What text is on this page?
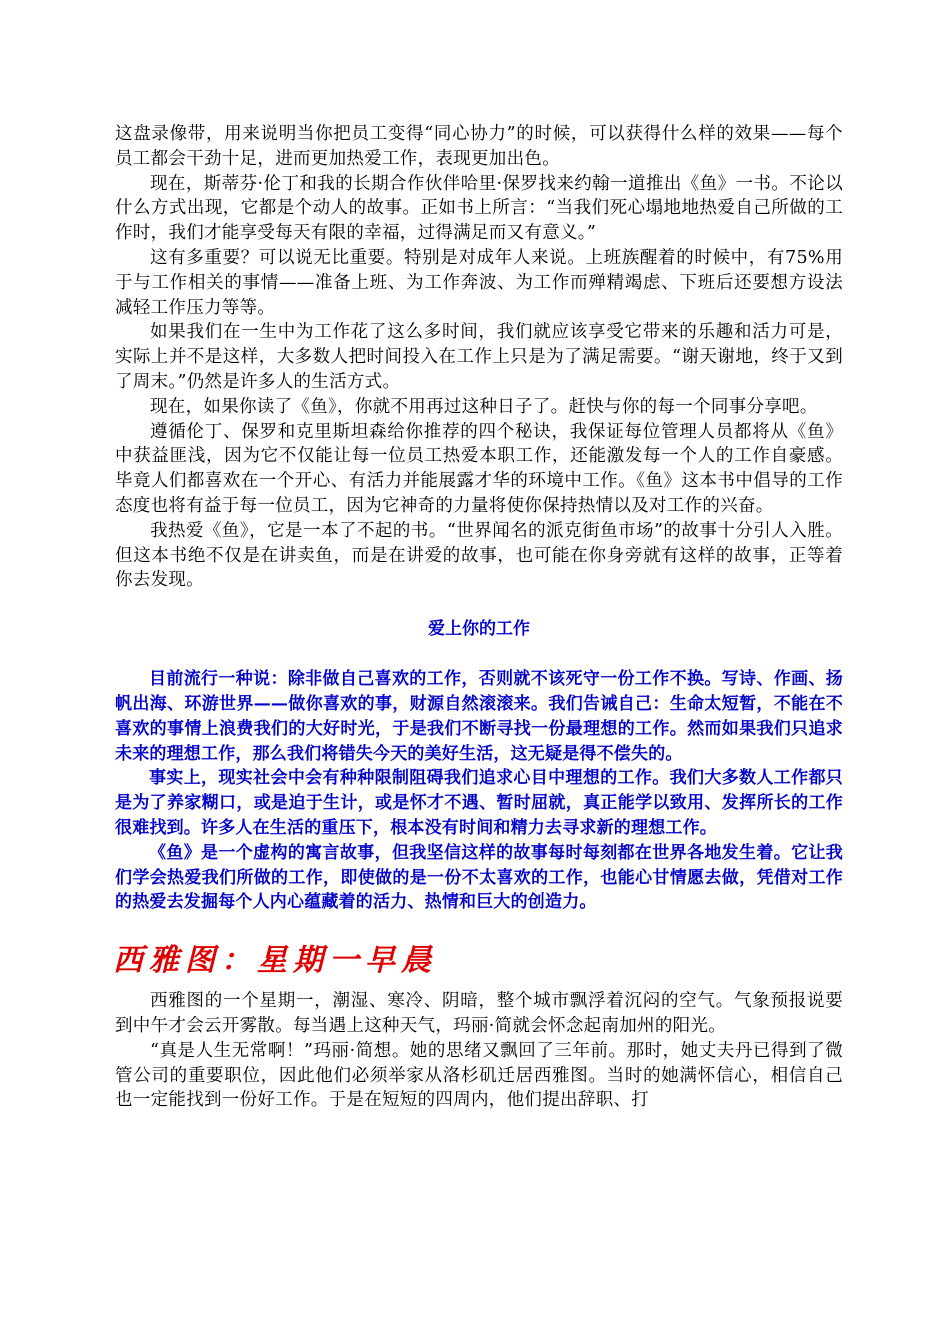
这盘录像带，用来说明当你把员工变得“同心协力”的时候，可以获得什么样的效果——每个员工都会干劲十足，进而更加热爱工作，表现更加出色。

现在，斯蒂芬·伦丁和我的长期合作伙伴哈里·保罗找来约翰一道推出《鱼》一书。不论以什么方式出现，它都是个动人的故事。正如书上所言：“当我们死心塌地地热爱自己所做的工作时，我们才能享受每天有限的幸福，过得满足而又有意义。”

这有多重要？可以说无比重要。特别是对成年人来说。上班族醒着的时候中，有75%用于与工作相关的事情——准备上班、为工作奔波、为工作而殚精竭虑、下班后还要想方设法减轻工作压力等等。

如果我们在一生中为工作花了这么多时间，我们就应该享受它带来的乐趣和活力可是，实际上并不是这样，大多数人把时间投入在工作上只是为了满足需要。“谢天谢地，终于又到了周末。”仍然是许多人的生活方式。

现在，如果你读了《鱼》，你就不用再过这种日子了。赶快与你的每一个同事分享吧。

遵循伦丁、保罗和克里斯坦森给你推荐的四个秘诀，我保证每位管理人员都将从《鱼》中获益匪浅，因为它不仅能让每一位员工热爱本职工作，还能激发每一个人的工作自豪感。毕竟人们都喜欢在一个开心、有活力并能展露才华的环境中工作。《鱼》这本书中倡导的工作态度也将有益于每一位员工，因为它神奇的力量将使你保持热情以及对工作的兴奋。

我热爱《鱼》，它是一本了不起的书。“世界闻名的派克街鱼市场”的故事十分引人入胜。但这本书绝不仅是在讲卖鱼，而是在讲爱的故事，也可能在你身旁就有这样的故事，正等着你去发现。

爱上你的工作

目前流行一种说：除非做自己喜欢的工作，否则就不该死守一份工作不换。写诗、作画、扬帆出海、环游世界——做你喜欢的事，财源自然滚滚来。我们告诫自己：生命太短暂，不能在不喜欢的事情上浪费我们的大好时光，于是我们不断寻找一份最理想的工作。然而如果我们只追求未来的理想工作，那么我们将错失今天的美好生活，这无疑是得不偿失的。

事实上，现实社会中会有种种限制阻碍我们追求心目中理想的工作。我们大多数人工作都只是为了养家糊口，或是迫于生计，或是怀才不遇、暂时屈就，真正能学以致用、发挥所长的工作很难找到。许多人在生活的重压下，根本没有时间和精力去寻求新的理想工作。

《鱼》是一个虚构的寓言故事，但我坚信这样的故事每时每刻都在世界各地发生着。它让我们学会热爱我们所做的工作，即使做的是一份不太喜欢的工作，也能心甘情愿去做，凭借对工作的热爱去发掘每个人内心蕴藏着的活力、热情和巨大的创造力。

西雅图：星期一早晨

西雅图的一个星期一，潮湿、寒冷、阴暗，整个城市飘浮着沉闷的空气。气象预报说要到中午才会云开雾散。每当遇上这种天气，玛丽·简就会怀念起南加州的阳光。

“真是人生无常啊！”玛丽·简想。她的思绪又飘回了三年前。那时，她丈夫丹已得到了微管公司的重要职位，因此他们必须举家从洛杉矶迁居西雅图。当时的她满怀信心，相信自己也一定能找到一份好工作。于是在短短的四周内，他们提出辞职、打
